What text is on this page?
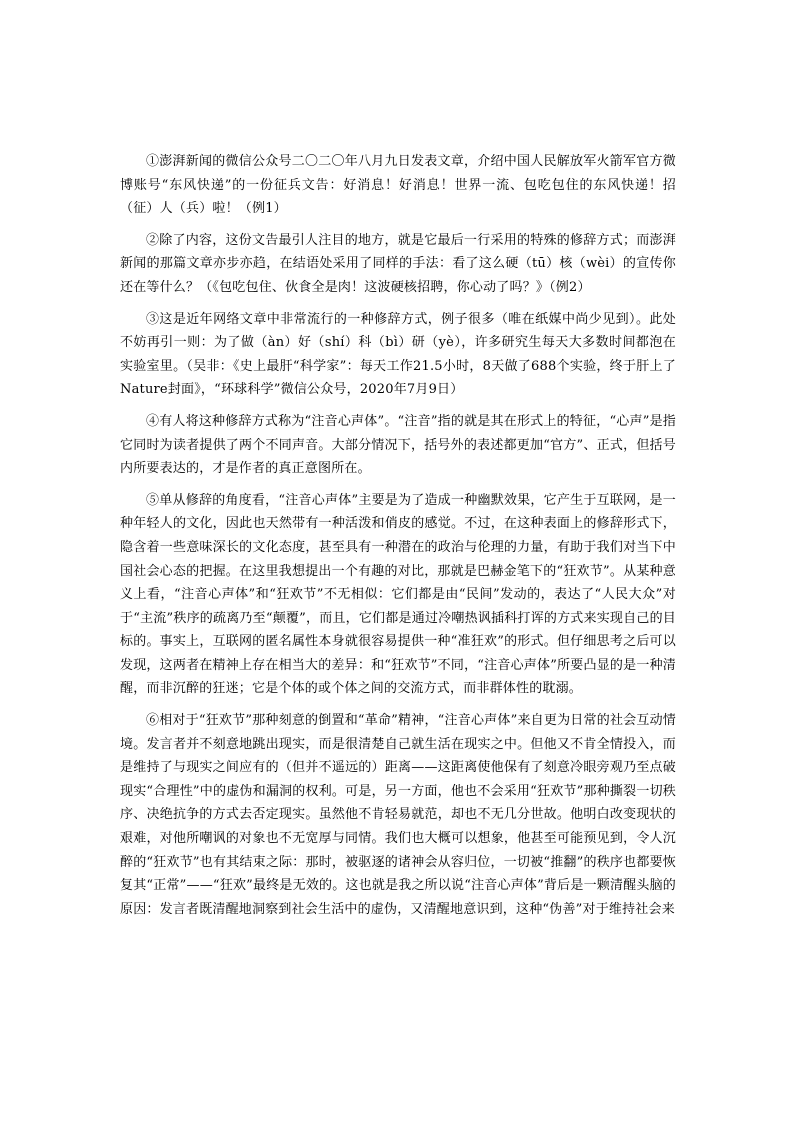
①澎湃新闻的微信公众号二〇二〇年八月九日发表文章，介绍中国人民解放军火箭军官方微博账号“东风快递”的一份征兵文告：好消息！好消息！世界一流、包吃包住的东风快递！招（征）人（兵）啦！（例1）

②除了内容，这份文告最引人注目的地方，就是它最后一行采用的特殊的修辞方式；而澎湃新闻的那篇文章亦步亦趋，在结语处采用了同样的手法：看了这么硬（tū）核（wèi）的宣传你还在等什么？（《包吃包住、伙食全是肉！这波硬核招聘，你心动了吗？》（例2）

③这是近年网络文章中非常流行的一种修辞方式，例子很多（唯在纸媒中尚少见到）。此处不妨再引一则：为了做（àn）好（shí）科（bì）研（yè），许多研究生每天大多数时间都泡在实验室里。（吴非：《史上最肝“科学家”：每天工作21.5小时，8天做了688个实验，终于肝上了Nature封面》，“环球科学”微信公众号，2020年7月9日）

④有人将这种修辞方式称为“注音心声体”。“注音”指的就是其在形式上的特征，“心声”是指它同时为读者提供了两个不同声音。大部分情况下，括号外的表述都更加“官方”、正式，但括号内所要表达的，才是作者的真正意图所在。

⑤单从修辞的角度看，“注音心声体”主要是为了造成一种幽默效果，它产生于互联网，是一种年轻人的文化，因此也天然带有一种活泼和俏皮的感觉。不过，在这种表面上的修辞形式下，隐含着一些意味深长的文化态度，甚至具有一种潜在的政治与伦理的力量，有助于我们对当下中国社会心态的把握。在这里我想提出一个有趣的对比，那就是巴赫金笔下的“狂欢节”。从某种意义上看，“注音心声体”和“狂欢节”不无相似：它们都是由“民间”发动的，表达了“人民大众”对于“主流”秩序的疏离乃至“颠覆”，而且，它们都是通过冷嘲热讽插科打诨的方式来实现自己的目标的。事实上，互联网的匿名属性本身就很容易提供一种“准狂欢”的形式。但仔细思考之后可以发现，这两者在精神上存在相当大的差异：和“狂欢节”不同，“注音心声体”所要凸显的是一种清醒，而非沉醉的狂迷；它是个体的或个体之间的交流方式，而非群体性的耽溺。

⑥相对于“狂欢节”那种刻意的倒置和“革命”精神，“注音心声体”来自更为日常的社会互动情境。发言者并不刻意地跳出现实，而是很清楚自己就生活在现实之中。但他又不肯全情投入，而是维持了与现实之间应有的（但并不遥远的）距离——这距离使他保有了刻意冷眼旁观乃至点破现实“合理性”中的虚伪和漏洞的权利。可是，另一方面，他也不会采用“狂欢节”那种撕裂一切秩序、决绝抗争的方式去否定现实。虽然他不肯轻易就范，却也不无几分世故。他明白改变现状的艰难，对他所嘲讽的对象也不无宽厚与同情。我们也大概可以想象，他甚至可能预见到，令人沉醉的“狂欢节”也有其结束之际：那时，被驱逐的诸神会从容归位，一切被“推翻”的秩序也都要恢复其“正常”——“狂欢”最终是无效的。这也就是我之所以说“注音心声体”背后是一颗清醒头脑的原因：发言者既清醒地洞察到社会生活中的虚伪，又清醒地意识到，这种“伪善”对于维持社会来
